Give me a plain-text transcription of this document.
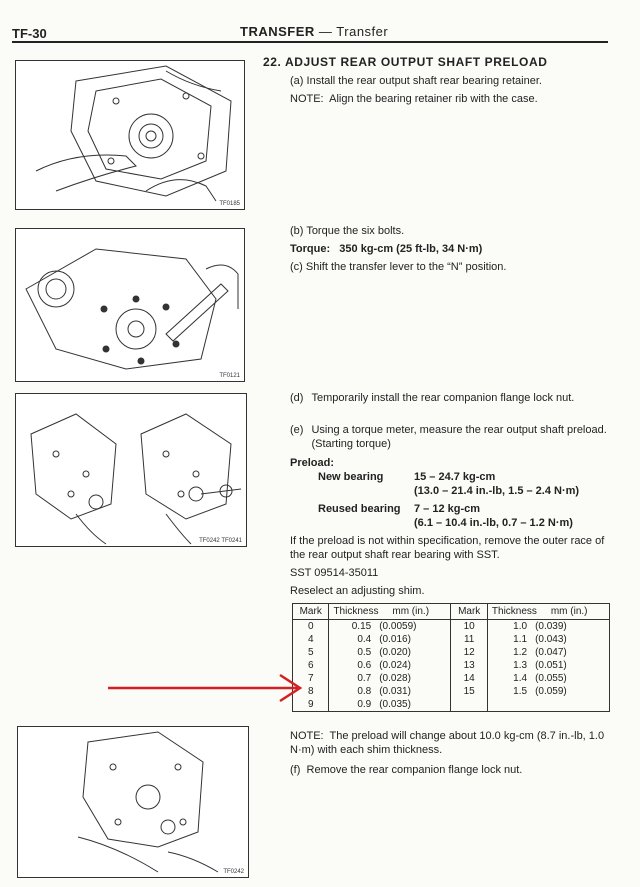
TF-30	TRANSFER — Transfer
TF0185
TF0121
TF0242 TF0241
TF0242
22. ADJUST REAR OUTPUT SHAFT PRELOAD
(a) Install the rear output shaft rear bearing retainer.
NOTE: Align the bearing retainer rib with the case.
(b) Torque the six bolts.
Torque: 350 kg-cm (25 ft-lb, 34 N·m)
(c) Shift the transfer lever to the “N” position.
(d) Temporarily install the rear companion flange lock nut.
(e) Using a torque meter, measure the rear output shaft preload. (Starting torque)
Preload:
New bearing	15 – 24.7 kg-cm
(13.0 – 21.4 in.-lb, 1.5 – 2.4 N·m)
Reused bearing 7 – 12 kg-cm
(6.1 – 10.4 in.-lb, 0.7 – 1.2 N·m)
If the preload is not within specification, remove the outer race of the rear output shaft rear bearing with SST.
SST 09514-35011
Reselect an adjusting shim.
Mark	Thickness mm (in.)		Mark	Thickness mm (in.)	
0	0.15	(0.0059)	10	1.0	(0.039)
4	0.4	(0.016)	11	1.1	(0.043)
5	0.5	(0.020)	12	1.2	(0.047)
6	0.6	(0.024)	13	1.3	(0.051)
7	0.7	(0.028)	14	1.4	(0.055)
8	0.8	(0.031)	15	1.5	(0.059)
9	0.9	(0.035)			
NOTE: The preload will change about 10.0 kg-cm (8.7 in.-lb, 1.0 N·m) with each shim thickness.
(f) Remove the rear companion flange lock nut.
